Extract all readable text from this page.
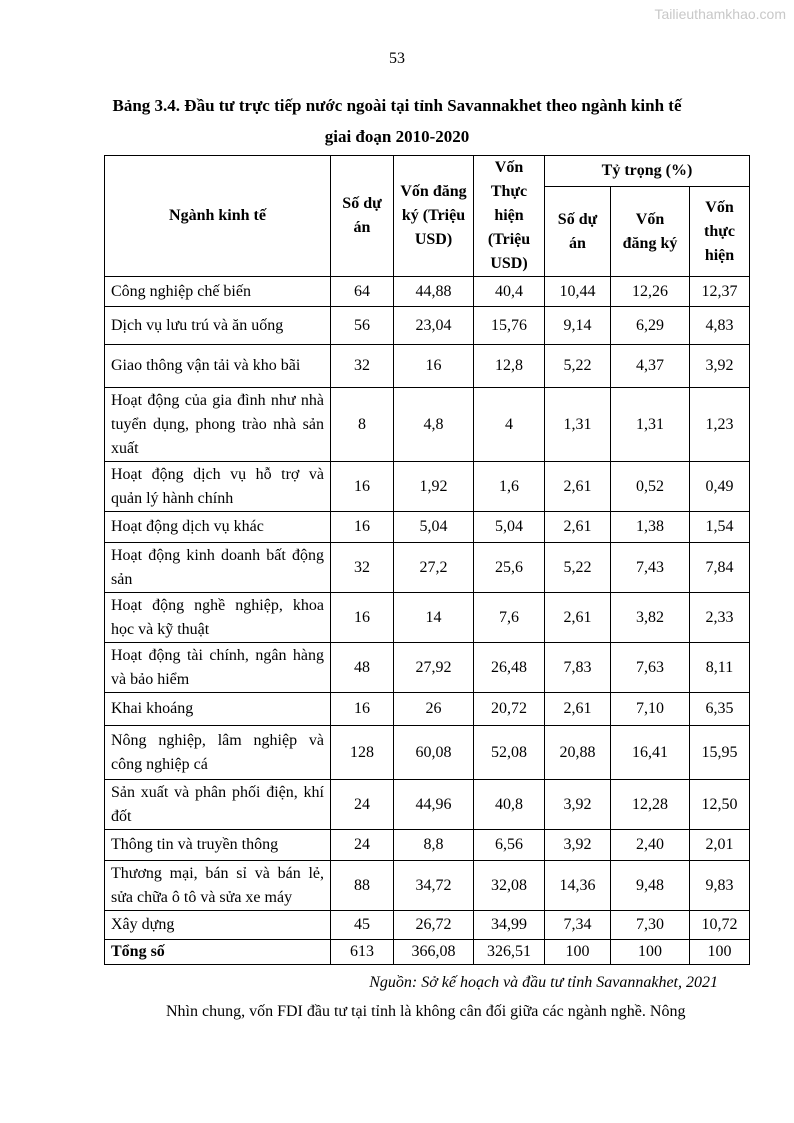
Tailieuthamkhao.com
53
Bảng 3.4. Đầu tư trực tiếp nước ngoài tại tỉnh Savannakhet theo ngành kinh tế
giai đoạn 2010-2020
Ngành kinh tế	Số dự án	Vốn đăng ký (Triệu USD)	Vốn Thực hiện (Triệu USD)	Tỷ trọng (%)		
				Số dự án	Vốn đăng ký	Vốn thực hiện
Công nghiệp chế biến	64	44,88	40,4	10,44	12,26	12,37
Dịch vụ lưu trú và ăn uống	56	23,04	15,76	9,14	6,29	4,83
Giao thông vận tải và kho bãi	32	16	12,8	5,22	4,37	3,92
Hoạt động của gia đình như nhà tuyển dụng, phong trào nhà sản xuất	8	4,8	4	1,31	1,31	1,23
Hoạt động dịch vụ hỗ trợ và quản lý hành chính	16	1,92	1,6	2,61	0,52	0,49
Hoạt động dịch vụ khác	16	5,04	5,04	2,61	1,38	1,54
Hoạt động kinh doanh bất động sản	32	27,2	25,6	5,22	7,43	7,84
Hoạt động nghề nghiệp, khoa học và kỹ thuật	16	14	7,6	2,61	3,82	2,33
Hoạt động tài chính, ngân hàng và bảo hiểm	48	27,92	26,48	7,83	7,63	8,11
Khai khoáng	16	26	20,72	2,61	7,10	6,35
Nông nghiệp, lâm nghiệp và công nghiệp cá	128	60,08	52,08	20,88	16,41	15,95
Sản xuất và phân phối điện, khí đốt	24	44,96	40,8	3,92	12,28	12,50
Thông tin và truyền thông	24	8,8	6,56	3,92	2,40	2,01
Thương mại, bán sỉ và bán lẻ, sửa chữa ô tô và sửa xe máy	88	34,72	32,08	14,36	9,48	9,83
Xây dựng	45	26,72	34,99	7,34	7,30	10,72
Tổng số	613	366,08	326,51	100	100	100
Nguồn: Sở kế hoạch và đầu tư tỉnh Savannakhet, 2021
Nhìn chung, vốn FDI đầu tư tại tỉnh là không cân đối giữa các ngành nghề. Nông
